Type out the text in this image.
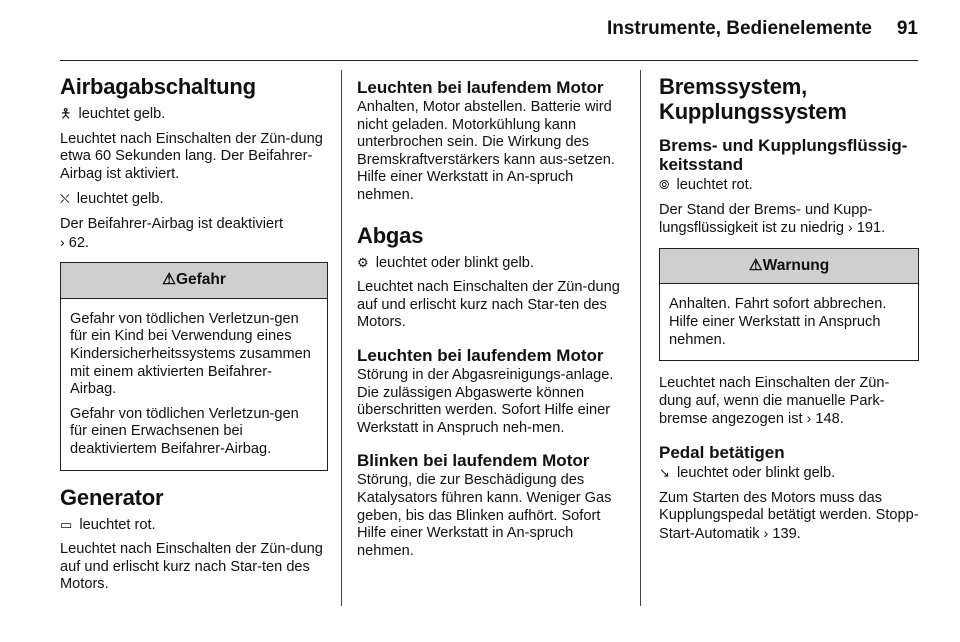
Instrumente, Bedienelemente 91
Airbagabschaltung

🯅 leuchtet gelb.

Leuchtet nach Einschalten der Zün-dung etwa 60 Sekunden lang. Der Beifahrer-Airbag ist aktiviert.

⛌ leuchtet gelb.

Der Beifahrer-Airbag ist deaktiviert
› 62.

⚠Gefahr

Gefahr von tödlichen Verletzun-gen für ein Kind bei Verwendung eines Kindersicherheitssystems zusammen mit einem aktivierten Beifahrer-Airbag.

Gefahr von tödlichen Verletzun-gen für einen Erwachsenen bei deaktiviertem Beifahrer-Airbag.

Generator

▭ leuchtet rot.

Leuchtet nach Einschalten der Zün-dung auf und erlischt kurz nach Star-ten des Motors.

Leuchten bei laufendem Motor

Anhalten, Motor abstellen. Batterie wird nicht geladen. Motorkühlung kann unterbrochen sein. Die Wirkung des Bremskraftverstärkers kann aus-setzen. Hilfe einer Werkstatt in An-spruch nehmen.

Abgas

⚙ leuchtet oder blinkt gelb.

Leuchtet nach Einschalten der Zün-dung auf und erlischt kurz nach Star-ten des Motors.

Leuchten bei laufendem Motor

Störung in der Abgasreinigungs-anlage. Die zulässigen Abgaswerte können überschritten werden. Sofort Hilfe einer Werkstatt in Anspruch neh-men.

Blinken bei laufendem Motor

Störung, die zur Beschädigung des Katalysators führen kann. Weniger Gas geben, bis das Blinken aufhört. Sofort Hilfe einer Werkstatt in An-spruch nehmen.

Bremssystem, Kupplungssystem
Brems- und Kupplungsflüssig-keitsstand

⦾ leuchtet rot.

Der Stand der Brems- und Kupp-lungsflüssigkeit ist zu niedrig › 191.

⚠Warnung

Anhalten. Fahrt sofort abbrechen. Hilfe einer Werkstatt in Anspruch nehmen.

Leuchtet nach Einschalten der Zün-dung auf, wenn die manuelle Park-bremse angezogen ist › 148.

Pedal betätigen

↘ leuchtet oder blinkt gelb.

Zum Starten des Motors muss das Kupplungspedal betätigt werden. Stopp-Start-Automatik › 139.
